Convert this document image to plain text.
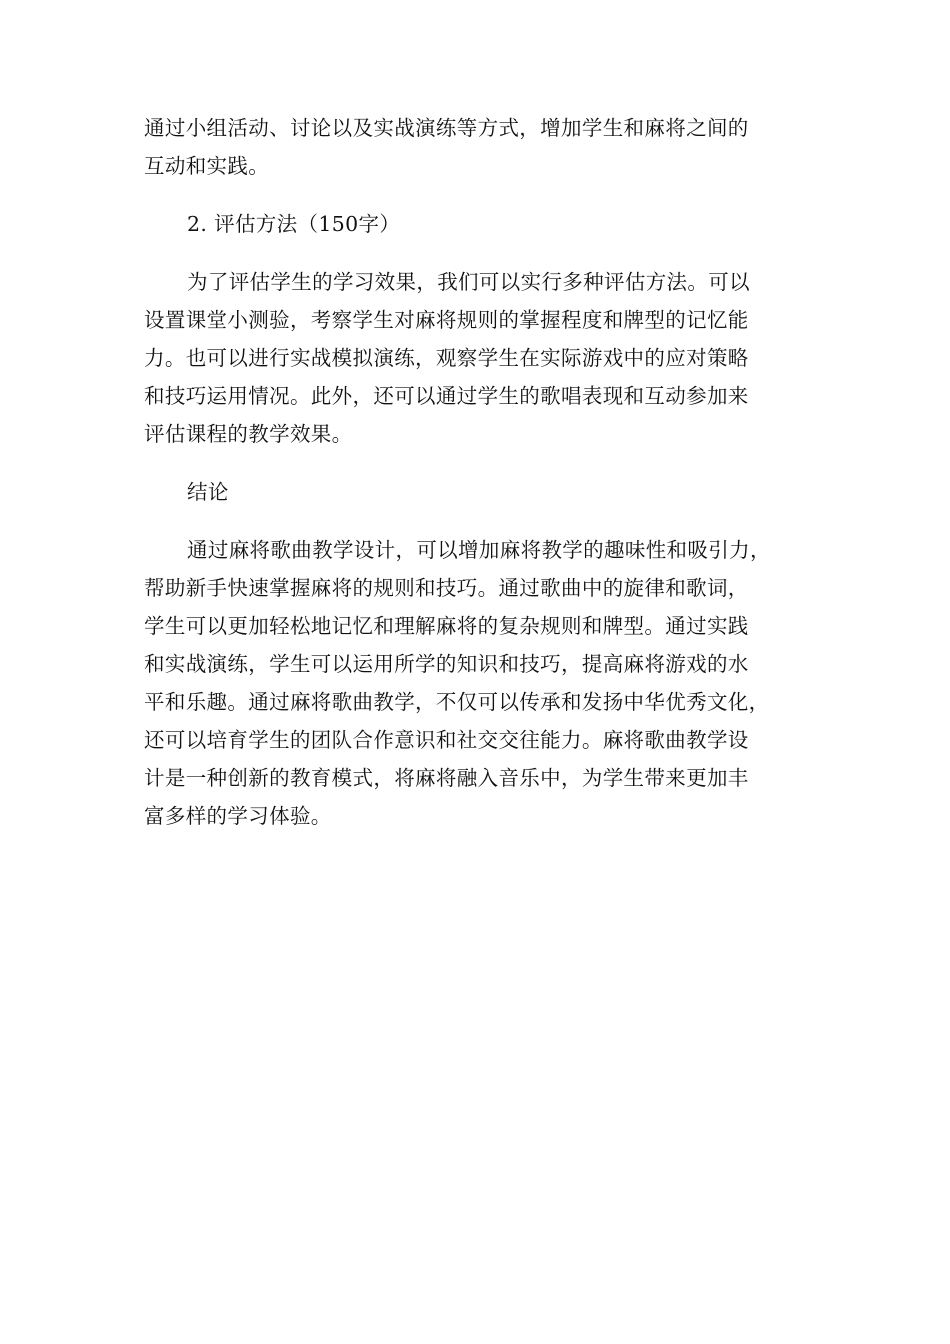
通过小组活动、讨论以及实战演练等方式，增加学生和麻将之间的
互动和实践。
2. 评估方法（150字）
为了评估学生的学习效果，我们可以实行多种评估方法。可以
设置课堂小测验，考察学生对麻将规则的掌握程度和牌型的记忆能
力。也可以进行实战模拟演练，观察学生在实际游戏中的应对策略
和技巧运用情况。此外，还可以通过学生的歌唱表现和互动参加来
评估课程的教学效果。
结论
通过麻将歌曲教学设计，可以增加麻将教学的趣味性和吸引力，
帮助新手快速掌握麻将的规则和技巧。通过歌曲中的旋律和歌词，
学生可以更加轻松地记忆和理解麻将的复杂规则和牌型。通过实践
和实战演练，学生可以运用所学的知识和技巧，提高麻将游戏的水
平和乐趣。通过麻将歌曲教学，不仅可以传承和发扬中华优秀文化，
还可以培育学生的团队合作意识和社交交往能力。麻将歌曲教学设
计是一种创新的教育模式，将麻将融入音乐中，为学生带来更加丰
富多样的学习体验。
